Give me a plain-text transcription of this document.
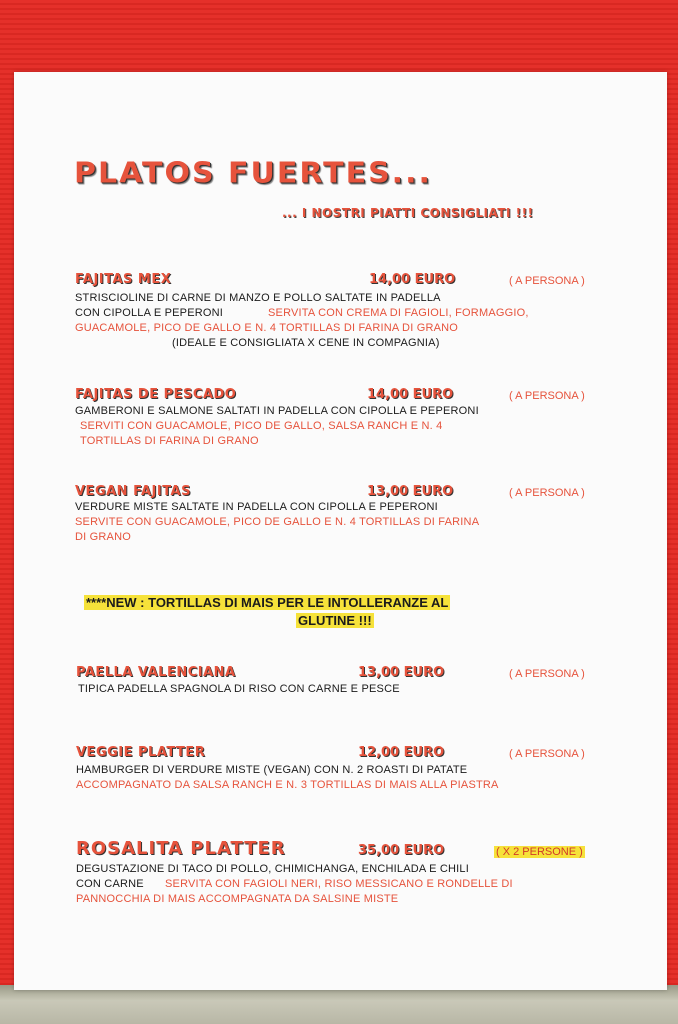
PLATOS FUERTES...
... I NOSTRI PIATTI CONSIGLIATI !!!
FAJITAS MEX	14,00 EURO	( A PERSONA )
STRISCIOLINE DI CARNE DI MANZO E POLLO SALTATE IN PADELLA
CON CIPOLLA E PEPERONI	SERVITA CON CREMA DI FAGIOLI, FORMAGGIO,
GUACAMOLE, PICO DE GALLO E N. 4 TORTILLAS DI FARINA DI GRANO
(IDEALE E CONSIGLIATA X CENE IN COMPAGNIA)
FAJITAS DE PESCADO	14,00 EURO	( A PERSONA )
GAMBERONI E SALMONE SALTATI IN PADELLA CON CIPOLLA E PEPERONI
SERVITI CON GUACAMOLE, PICO DE GALLO, SALSA RANCH E N. 4
TORTILLAS DI FARINA DI GRANO
VEGAN FAJITAS	13,00 EURO	( A PERSONA )
VERDURE MISTE SALTATE IN PADELLA CON CIPOLLA E PEPERONI
SERVITE CON GUACAMOLE, PICO DE GALLO E N. 4 TORTILLAS DI FARINA
DI GRANO
****NEW : TORTILLAS DI MAIS PER LE INTOLLERANZE AL
GLUTINE !!!
PAELLA VALENCIANA	13,00 EURO	( A PERSONA )
TIPICA PADELLA SPAGNOLA DI RISO CON CARNE E PESCE
VEGGIE PLATTER	12,00 EURO	( A PERSONA )
HAMBURGER DI VERDURE MISTE (VEGAN) CON N. 2 ROASTI DI PATATE
ACCOMPAGNATO DA SALSA RANCH E N. 3 TORTILLAS DI MAIS ALLA PIASTRA
ROSALITA PLATTER	35,00 EURO	( X 2 PERSONE )
DEGUSTAZIONE DI TACO DI POLLO, CHIMICHANGA, ENCHILADA E CHILI
CON CARNE SERVITA CON FAGIOLI NERI, RISO MESSICANO E RONDELLE DI
PANNOCCHIA DI MAIS ACCOMPAGNATA DA SALSINE MISTE
